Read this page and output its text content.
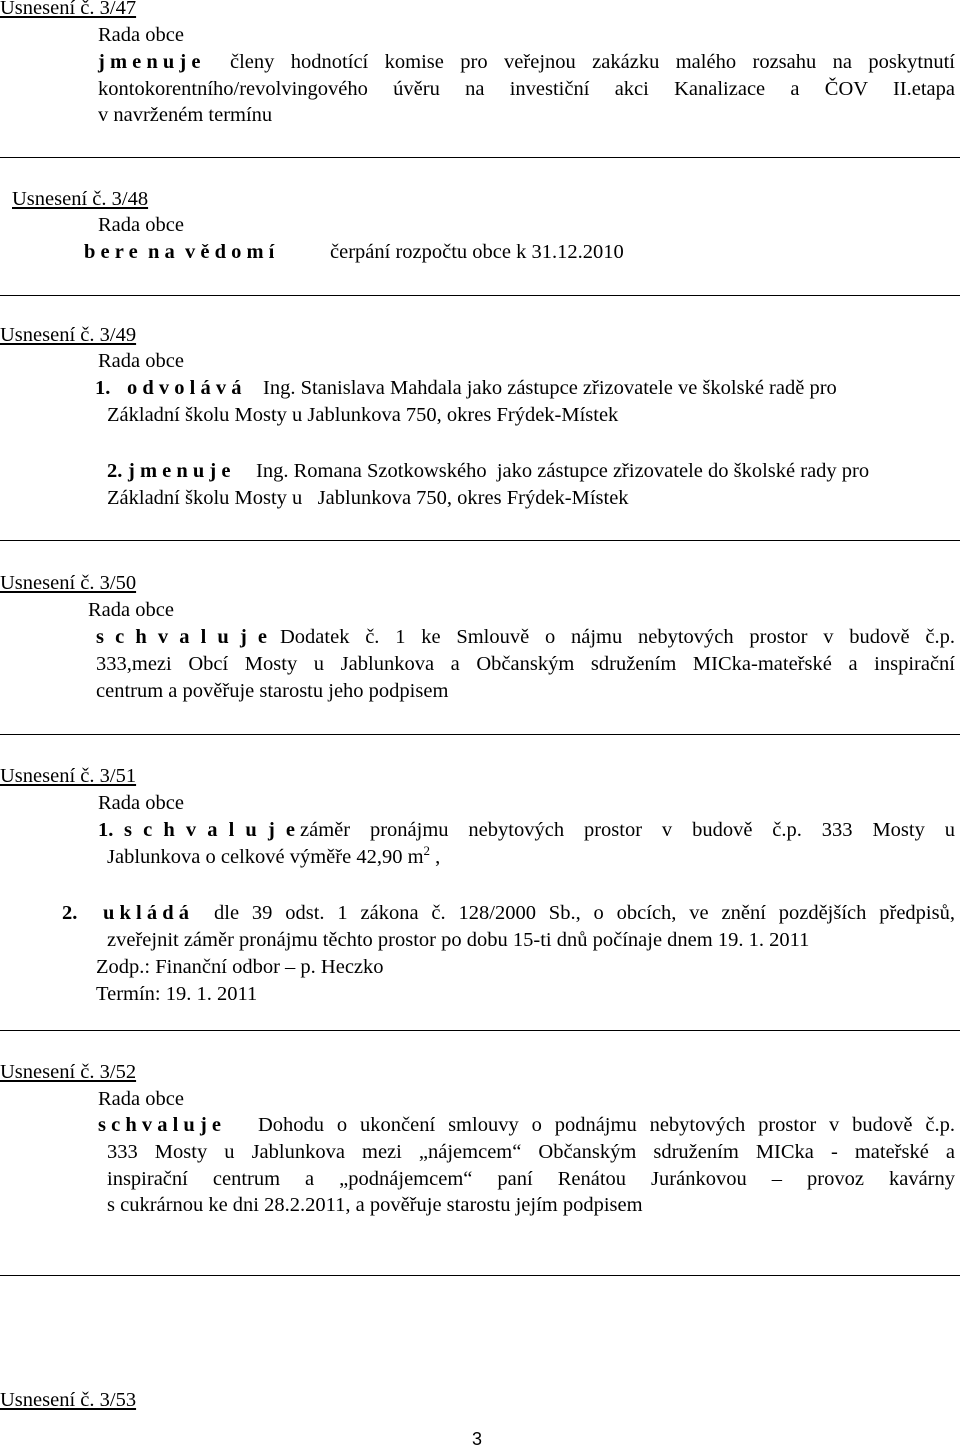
Usnesení č. 3/47
Rada obce
j m e n u j e členy hodnotící komise pro veřejnou zakázku malého rozsahu na poskytnutí
kontokorentního/revolvingového úvěru na investiční akci Kanalizace a ČOV II.etapa
v navrženém termínu
Usnesení č. 3/48
Rada obce
b e r e  n a  v ě d o m í	čerpání rozpočtu obce k 31.12.2010
Usnesení č. 3/49
Rada obce
1. o d v o l á v á Ing. Stanislava Mahdala jako zástupce zřizovatele ve školské radě pro
Základní školu Mosty u Jablunkova 750, okres Frýdek-Místek
2. j m e n u j e Ing. Romana Szotkowského  jako zástupce zřizovatele do školské rady pro
Základní školu Mosty u   Jablunkova 750, okres Frýdek-Místek
Usnesení č. 3/50
Rada obce
s c h v a l u j e Dodatek č. 1 ke Smlouvě o nájmu nebytových prostor v budově č.p.
333,mezi Obcí Mosty u Jablunkova a Občanským sdružením MICka-mateřské a inspirační
centrum a pověřuje starostu jeho podpisem
Usnesení č. 3/51
Rada obce
1. s c h v a l u j e záměr pronájmu nebytových prostor v budově č.p. 333 Mosty u
Jablunkova o celkové výměře 42,90 $m^2$ ,
2. u k l á d á dle 39 odst. 1 zákona č. 128/2000 Sb., o obcích, ve znění pozdějších předpisů,
zveřejnit záměr pronájmu těchto prostor po dobu 15-ti dnů počínaje dnem 19. 1. 2011
Zodp.: Finanční odbor – p. Heczko
Termín: 19. 1. 2011
Usnesení č. 3/52
Rada obce
s c h v a l u j e Dohodu o ukončení smlouvy o podnájmu nebytových prostor v budově č.p.
333 Mosty u Jablunkova mezi „nájemcem“ Občanským sdružením MICka - mateřské a
inspirační centrum a „podnájemcem“ paní Renátou Juránkovou – provoz kavárny
s cukrárnou ke dni 28.2.2011, a pověřuje starostu jejím podpisem
Usnesení č. 3/53
3
